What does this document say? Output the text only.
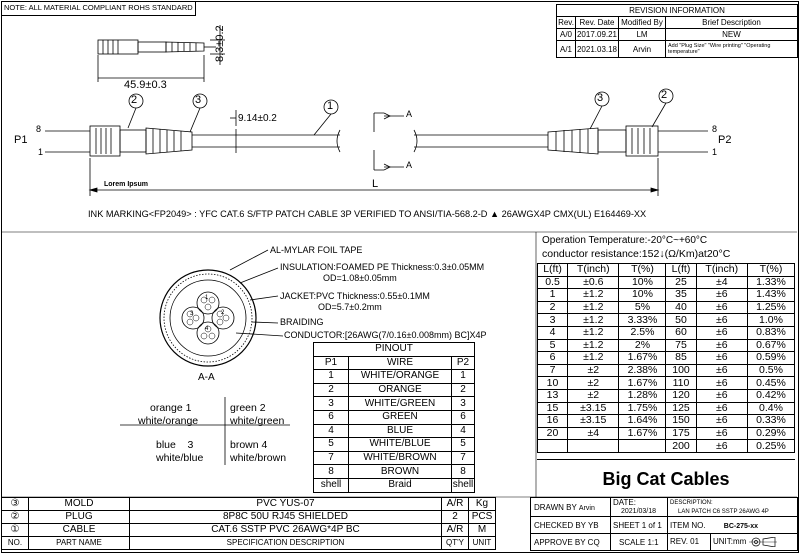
NOTE: ALL MATERIAL COMPLIANT ROHS STANDARD	REVISION INFORMATION			
Rev.	Rev. Date	Modified By	Brief Description
A/0	2017.09.21	LM	NEW
A/1	2021.03.18	Arvin	Add "Plug Size" "Wire printing" "Operating temperature"
45.9±0.3
8.3±0.2
9.14±0.2
2	3	1
3	2
P1
8
1
P2
8
1
A
A
Lorem Ipsum	L
INK MARKING<FP2049> : YFC CAT.6 S/FTP PATCH CABLE 3P VERIFIED TO ANSI/TIA-568.2-D ▲ 26AWGX4P CMX(UL) E164469-XX
AL-MYLAR FOIL TAPE
INSULATION:FOAMED PE Thickness:0.3±0.05MM
OD=1.08±0.05mm
JACKET:PVC Thickness:0.55±0.1MM
OD=5.7±0.2mm
BRAIDING
CONDUCTOR:[26AWG(7/0.16±0.008mm) BC]X4P
1
2
3
4
A-A
orange 1	green 2
white/orange	white/green
blue    3	brown 4
white/blue	white/brown
PINOUT		
P1	WIRE	P2
1	WHITE/ORANGE	1
2	ORANGE	2
3	WHITE/GREEN	3
6	GREEN	6
4	BLUE	4
5	WHITE/BLUE	5
7	WHITE/BROWN	7
8	BROWN	8
shell	Braid	shell
Operation Temperature:-20°C~+60°C
conductor resistance:152↓(Ω/Km)at20°C
L(ft)	T(inch)	T(%)	L(ft)	T(inch)	T(%)
0.5	±0.6	10%	25	±4	1.33%
1	±1.2	10%	35	±6	1.43%
2	±1.2	5%	40	±6	1.25%
3	±1.2	3.33%	50	±6	1.0%
4	±1.2	2.5%	60	±6	0.83%
5	±1.2	2%	75	±6	0.67%
6	±1.2	1.67%	85	±6	0.59%
7	±2	2.38%	100	±6	0.5%
10	±2	1.67%	110	±6	0.45%
13	±2	1.28%	120	±6	0.42%
15	±3.15	1.75%	125	±6	0.4%
16	±3.15	1.64%	150	±6	0.33%
20	±4	1.67%	175	±6	0.29%
			200	±6	0.25%
Big Cat Cables
③	MOLD	PVC YUS-07	A/R	Kg
②	PLUG	8P8C 50U RJ45 SHIELDED	2	PCS
①	CABLE	CAT.6 SSTP PVC 26AWG*4P BC	A/R	M
NO.	PART NAME	SPECIFICATION DESCRIPTION	QT'Y	UNIT
DRAWN BY Arvin	DATE:
2021/03/18	DESCRIPTION:
LAN PATCH C6 SSTP 26AWG 4P
CHECKED BY YB	SHEET 1 of 1	ITEM NO. BC-275-xx
APPROVE BY CQ	SCALE 1:1	REV. 01 UNIT:mm
